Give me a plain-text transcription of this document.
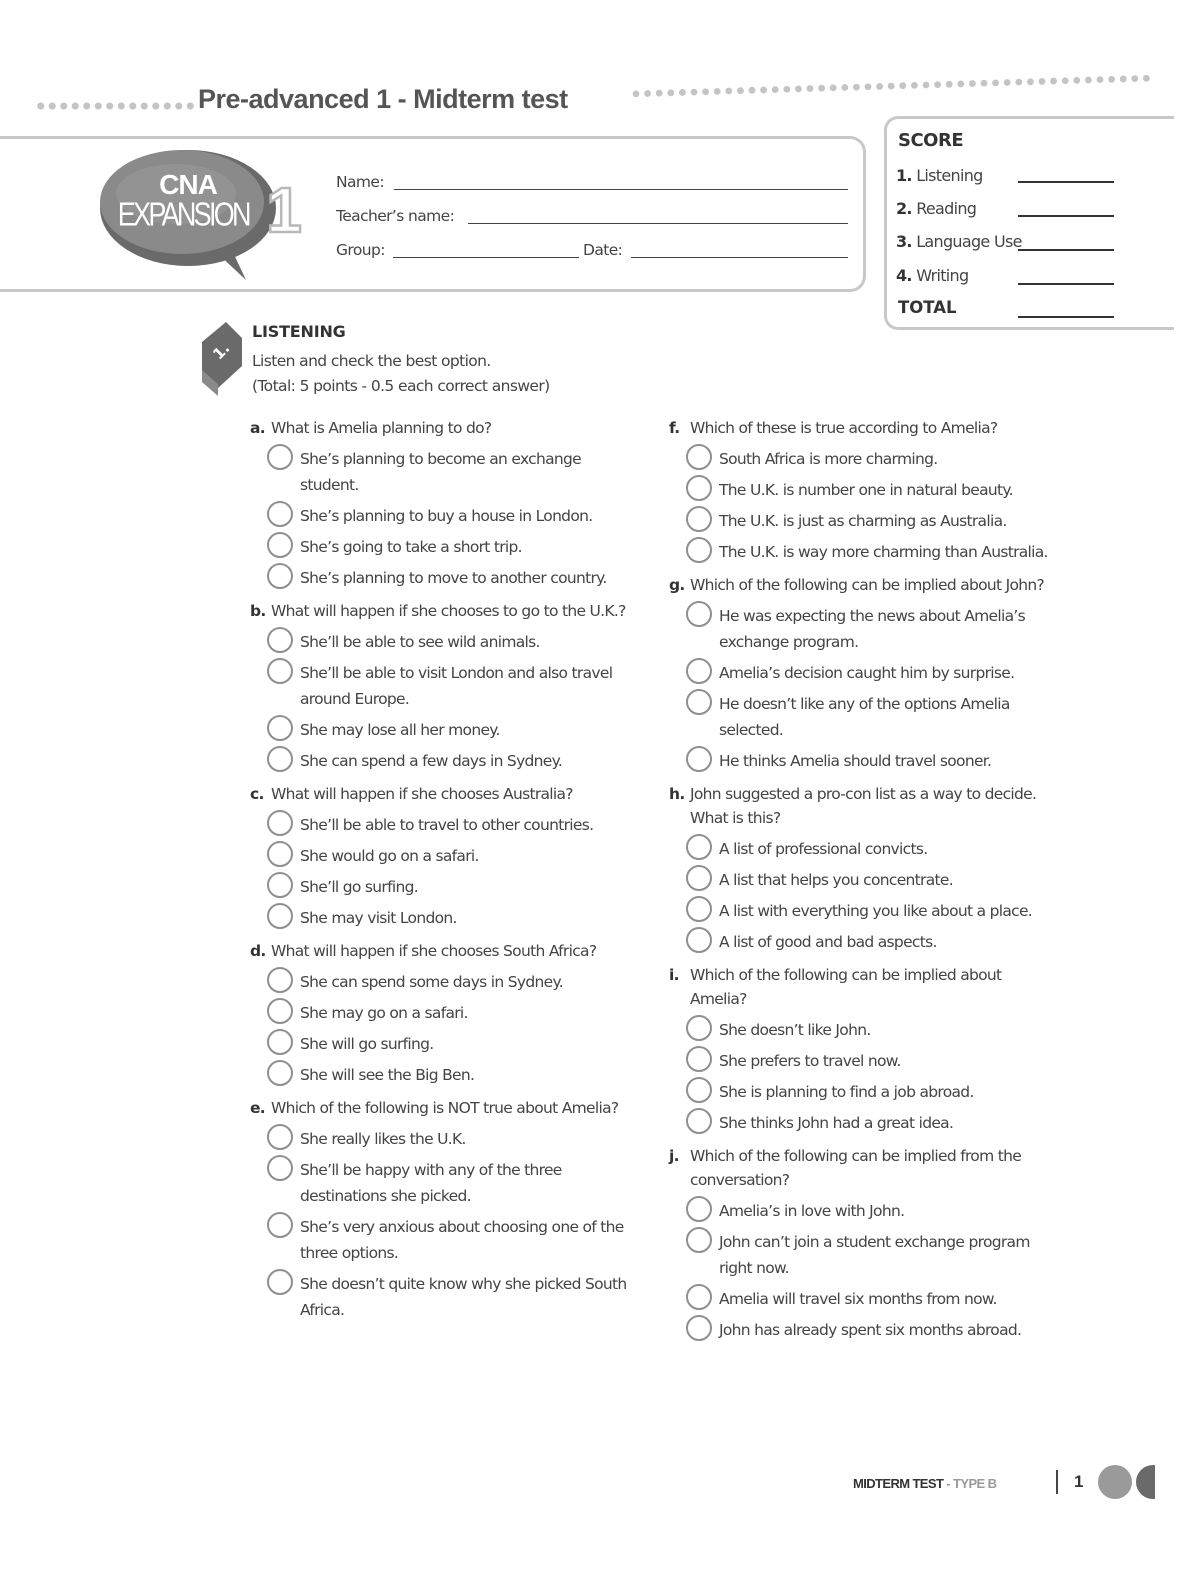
Pre-advanced 1 - Midterm test
CNA
EXPANSION 1 Name:
Teacher’s name:
Group:	Date:
SCORE
1. Listening
2. Reading
3. Language Use
4. Writing
TOTAL
1.
LISTENING
Listen and check the best option.
(Total: 5 points - 0.5 each correct answer)
a. What is Amelia planning to do?
She’s planning to become an exchange student.
She’s planning to buy a house in London.
She’s going to take a short trip.
She’s planning to move to another country.
b. What will happen if she chooses to go to the U.K.?
She’ll be able to see wild animals.
She’ll be able to visit London and also travel around Europe.
She may lose all her money.
She can spend a few days in Sydney.
c. What will happen if she chooses Australia?
She’ll be able to travel to other countries.
She would go on a safari.
She’ll go surfing.
She may visit London.
d. What will happen if she chooses South Africa?
She can spend some days in Sydney.
She may go on a safari.
She will go surfing.
She will see the Big Ben.
e. Which of the following is NOT true about Amelia?
She really likes the U.K.
She’ll be happy with any of the three destinations she picked.
She’s very anxious about choosing one of the three options.
She doesn’t quite know why she picked South Africa.
f. Which of these is true according to Amelia?
South Africa is more charming.
The U.K. is number one in natural beauty.
The U.K. is just as charming as Australia.
The U.K. is way more charming than Australia.
g. Which of the following can be implied about John?
He was expecting the news about Amelia’s exchange program.
Amelia’s decision caught him by surprise.
He doesn’t like any of the options Amelia selected.
He thinks Amelia should travel sooner.
h. John suggested a pro-con list as a way to decide. What is this?
A list of professional convicts.
A list that helps you concentrate.
A list with everything you like about a place.
A list of good and bad aspects.
i. Which of the following can be implied about Amelia?
She doesn’t like John.
She prefers to travel now.
She is planning to find a job abroad.
She thinks John had a great idea.
j. Which of the following can be implied from the conversation?
Amelia’s in love with John.
John can’t join a student exchange program right now.
Amelia will travel six months from now.
John has already spent six months abroad.
MIDTERM TEST - TYPE B	1
